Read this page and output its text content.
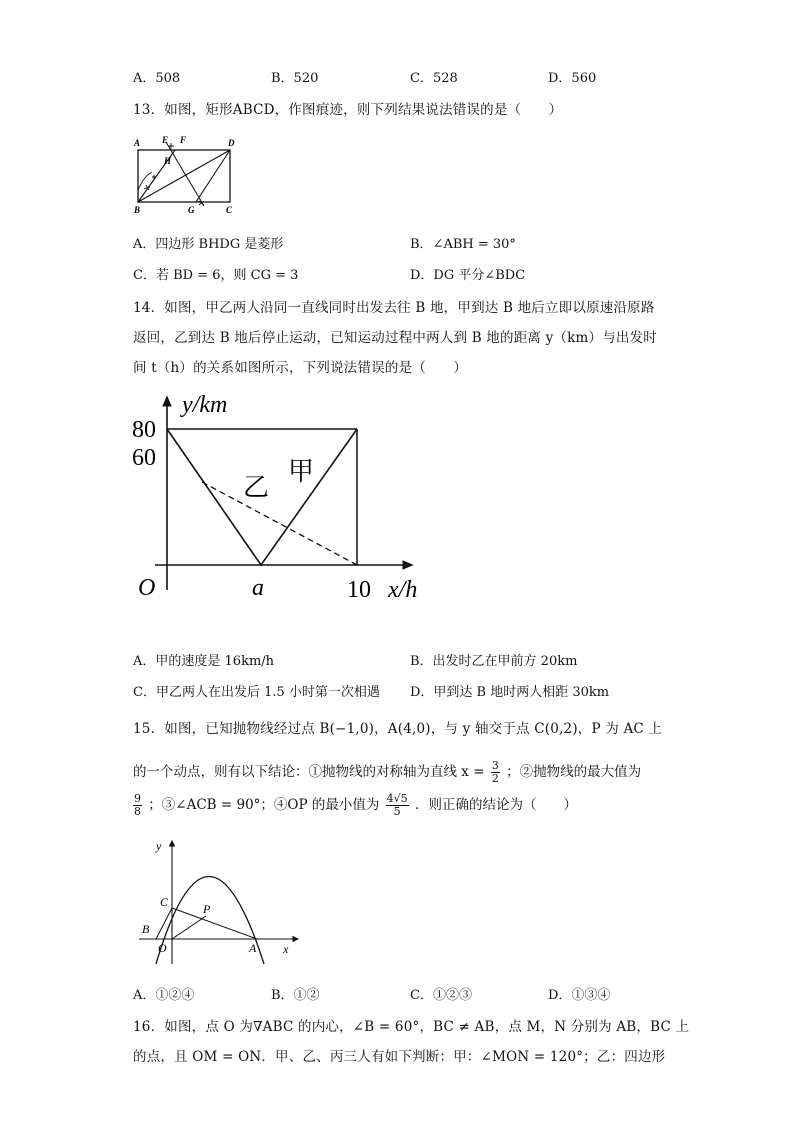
A．508	B．520	C．528	D．560
13．如图，矩形ABCD，作图痕迹，则下列结果说法错误的是（　　）
A E F	D
H
B	G	C
A．四边形 BHDG 是菱形	B．∠ABH = 30°
C．若 BD = 6，则 CG = 3	D．DG 平分∠BDC
14．如图，甲乙两人沿同一直线同时出发去往 B 地，甲到达 B 地后立即以原速沿原路
返回，乙到达 B 地后停止运动，已知运动过程中两人到 B 地的距离 y（km）与出发时
间 t（h）的关系如图所示，下列说法错误的是（　　）
y/km
x/h
O
80
60
a	10
乙
甲
A．甲的速度是 16km/h	B．出发时乙在甲前方 20km
C．甲乙两人在出发后 1.5 小时第一次相遇 D．甲到达 B 地时两人相距 30km
15．如图，已知抛物线经过点 B(−1,0)，A(4,0)，与 y 轴交于点 C(0,2)，P 为 AC 上
的一个动点，则有以下结论：①抛物线的对称轴为直线 $x = \frac{3}{2}$ ；②抛物线的最大值为
$\frac{9}{8}$ ；③∠ACB = 90°；④OP 的最小值为 $\frac{4√5}{5}$ ．则正确的结论为（　　）
y
C	P
B
O	A x
A．①②④	B．①②	C．①②③	D．①③④
16．如图，点 O 为∇ABC 的内心，∠B = 60°，BC ≠ AB，点 M，N 分别为 AB，BC 上
的点，且 OM = ON．甲、乙、丙三人有如下判断：甲：∠MON = 120°；乙：四边形
